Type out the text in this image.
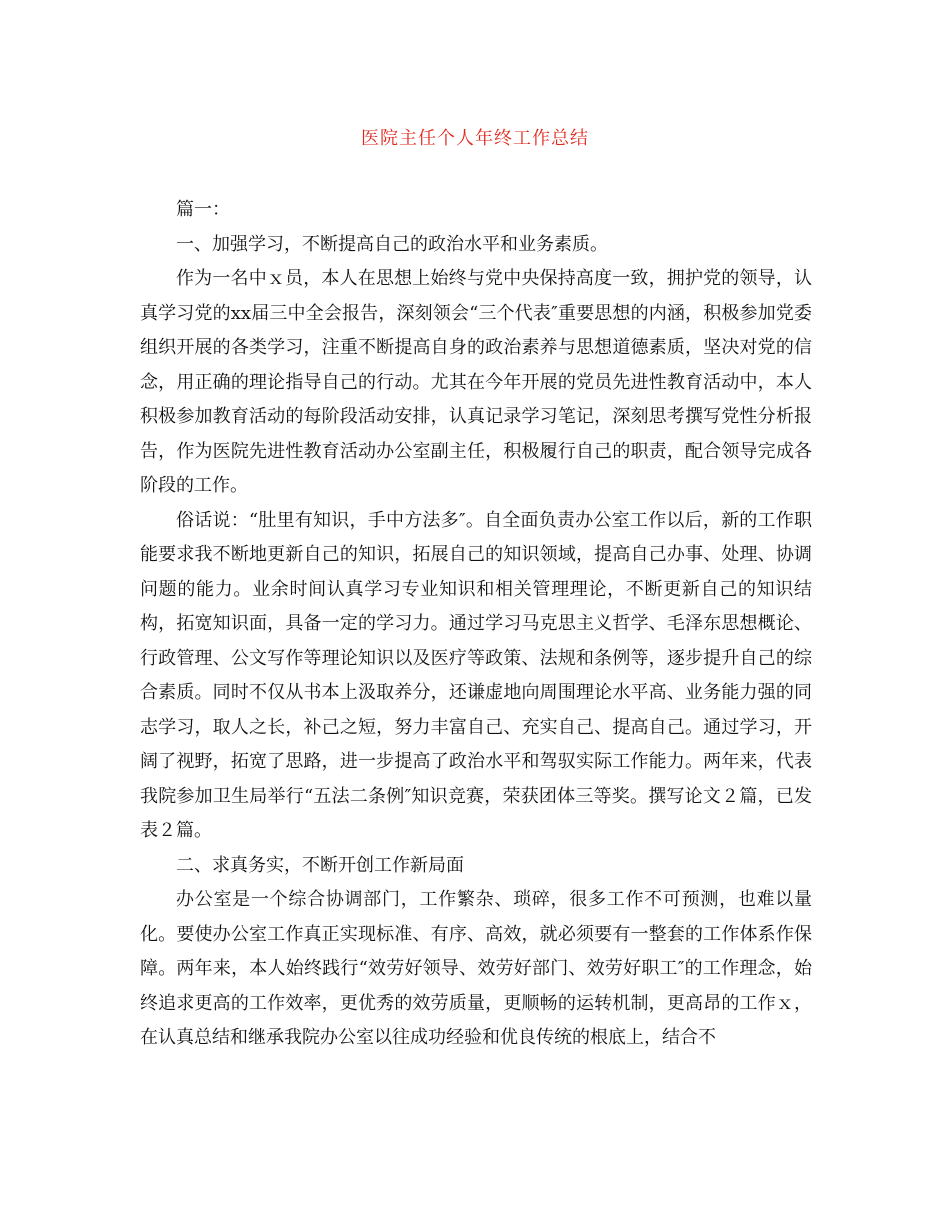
医院主任个人年终工作总结

篇一：

一、加强学习，不断提高自己的政治水平和业务素质。

作为一名中ｘ员，本人在思想上始终与党中央保持高度一致，拥护党的领导，认真学习党的xx届三中全会报告，深刻领会“三个代表″重要思想的内涵，积极参加党委组织开展的各类学习，注重不断提高自身的政治素养与思想道德素质，坚决对党的信念，用正确的理论指导自己的行动。尤其在今年开展的党员先进性教育活动中，本人积极参加教育活动的每阶段活动安排，认真记录学习笔记，深刻思考撰写党性分析报告，作为医院先进性教育活动办公室副主任，积极履行自己的职责，配合领导完成各阶段的工作。

俗话说：“肚里有知识，手中方法多″。自全面负责办公室工作以后，新的工作职能要求我不断地更新自己的知识，拓展自己的知识领域，提高自己办事、处理、协调问题的能力。业余时间认真学习专业知识和相关管理理论，不断更新自己的知识结构，拓宽知识面，具备一定的学习力。通过学习马克思主义哲学、毛泽东思想概论、行政管理、公文写作等理论知识以及医疗等政策、法规和条例等，逐步提升自己的综合素质。同时不仅从书本上汲取养分，还谦虚地向周围理论水平高、业务能力强的同志学习，取人之长，补己之短，努力丰富自己、充实自己、提高自己。通过学习，开阔了视野，拓宽了思路，进一步提高了政治水平和驾驭实际工作能力。两年来，代表我院参加卫生局举行“五法二条例″知识竞赛，荣获团体三等奖。撰写论文２篇，已发表２篇。

二、求真务实，不断开创工作新局面

办公室是一个综合协调部门，工作繁杂、琐碎，很多工作不可预测，也难以量化。要使办公室工作真正实现标准、有序、高效，就必须要有一整套的工作体系作保障。两年来，本人始终践行“效劳好领导、效劳好部门、效劳好职工″的工作理念，始终追求更高的工作效率，更优秀的效劳质量，更顺畅的运转机制，更高昂的工作ｘ，在认真总结和继承我院办公室以往成功经验和优良传统的根底上，结合不
